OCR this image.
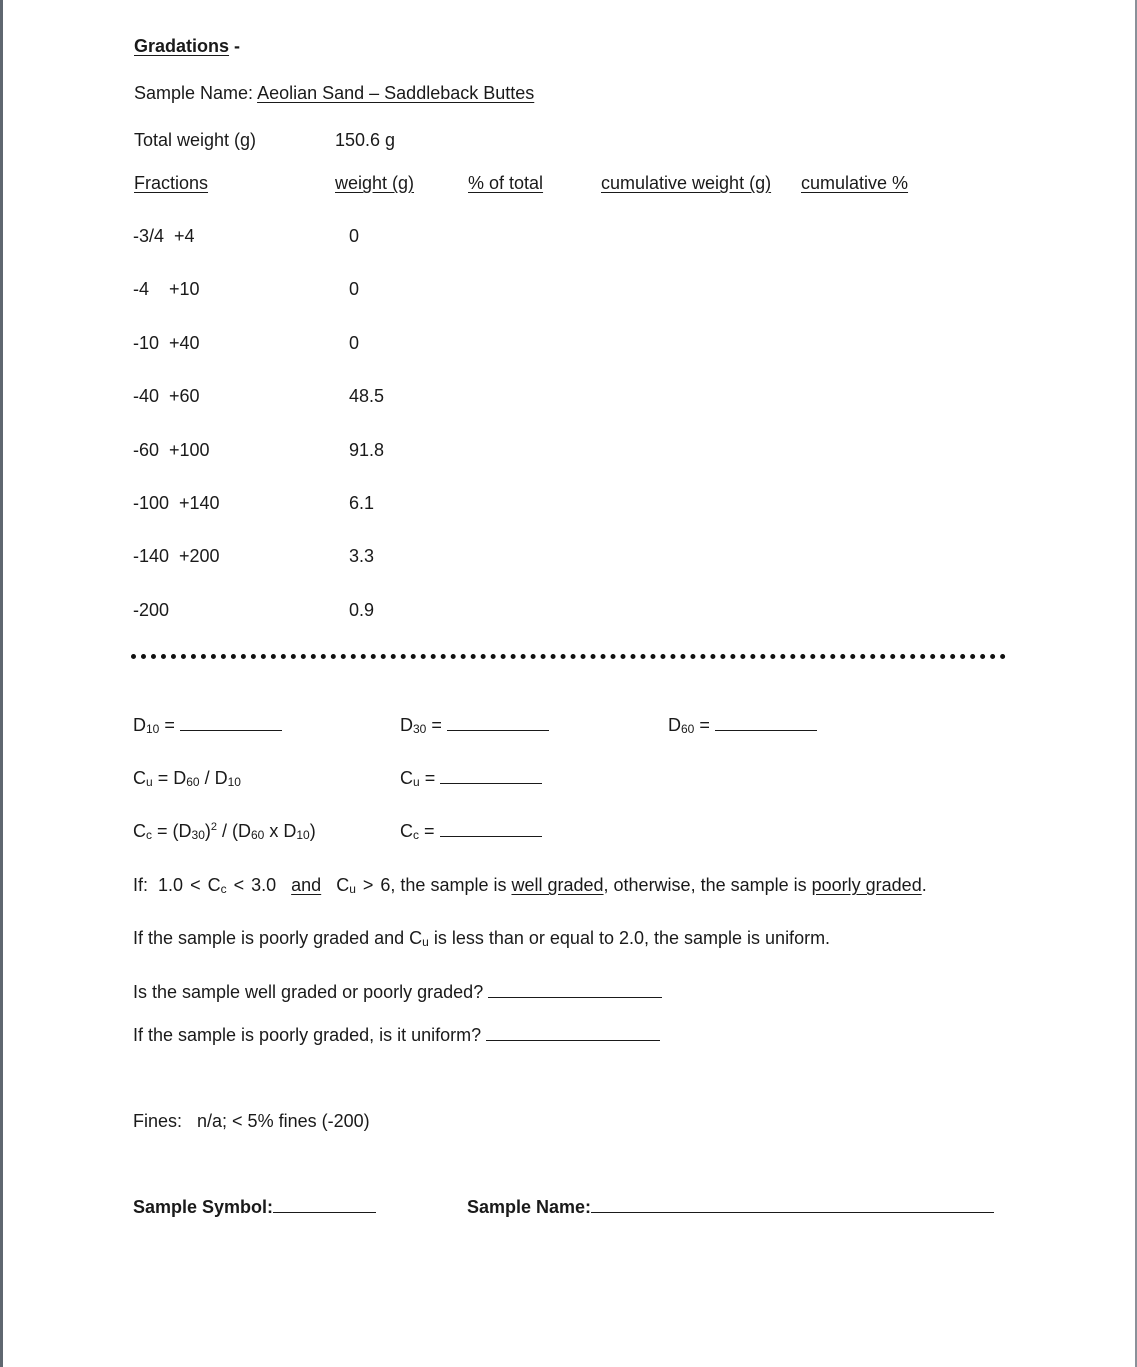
Gradations -
Sample Name: Aeolian Sand – Saddleback Buttes
Total weight (g)	150.6 g
Fractions	weight (g)	% of total	cumulative weight (g) cumulative %
-3/4  +4	0
-4    +10	0
-10  +40	0
-40  +60	48.5
-60  +100	91.8
-100  +140	6.1
-140  +200	3.3
-200	0.9
$D_{10}$ =	$D_{30}$ =	$D_{60}$ =
$C_u = D_{60} / D_{10}$	$C_u$ =
$C_c = (D_{30})^2 / (D_{60}$ x $D_{10}$)	$C_c$ =
If: $1.0 < C_c < 3.0$ and $C_u > 6$, the sample is well graded, otherwise, the sample is poorly graded.
If the sample is poorly graded and $C_u$ is less than or equal to 2.0, the sample is uniform.
Is the sample well graded or poorly graded?
If the sample is poorly graded, is it uniform?
Fines:   n/a; < 5% fines (-200)
Sample Symbol:	Sample Name:
